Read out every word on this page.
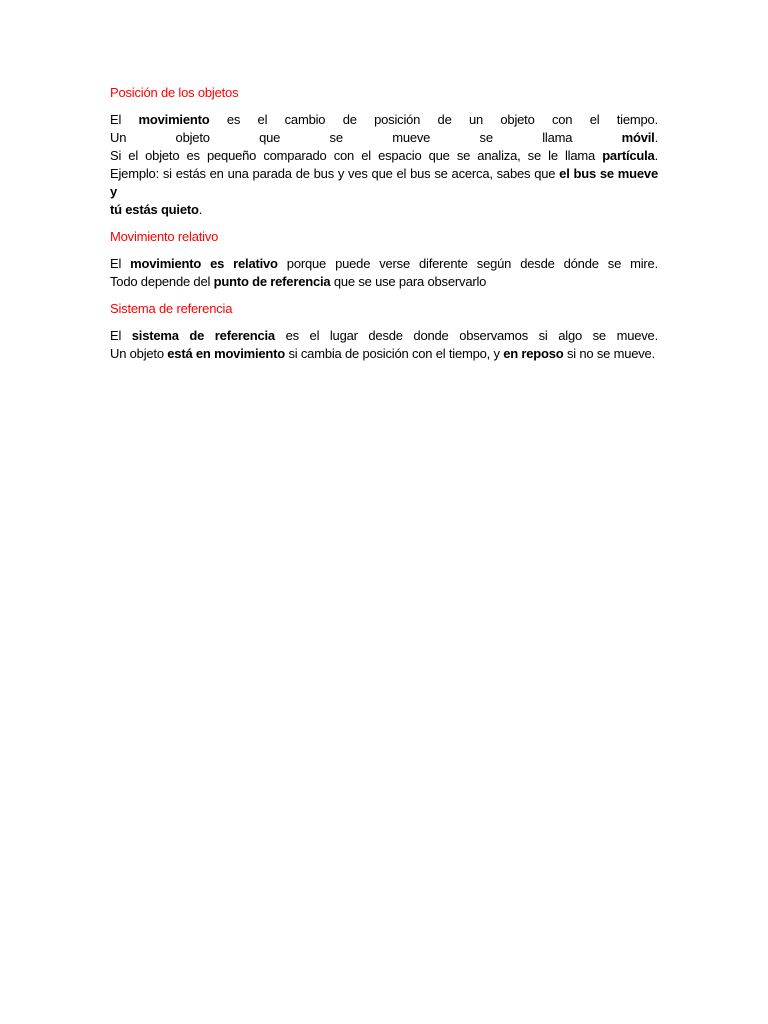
Posición de los objetos
El movimiento es el cambio de posición de un objeto con el tiempo.
Un objeto que se mueve se llama móvil.
Si el objeto es pequeño comparado con el espacio que se analiza, se le llama partícula.
Ejemplo: si estás en una parada de bus y ves que el bus se acerca, sabes que el bus se mueve y
tú estás quieto.
Movimiento relativo
El movimiento es relativo porque puede verse diferente según desde dónde se mire.
Todo depende del punto de referencia que se use para observarlo
Sistema de referencia
El sistema de referencia es el lugar desde donde observamos si algo se mueve.
Un objeto está en movimiento si cambia de posición con el tiempo, y en reposo si no se mueve.
